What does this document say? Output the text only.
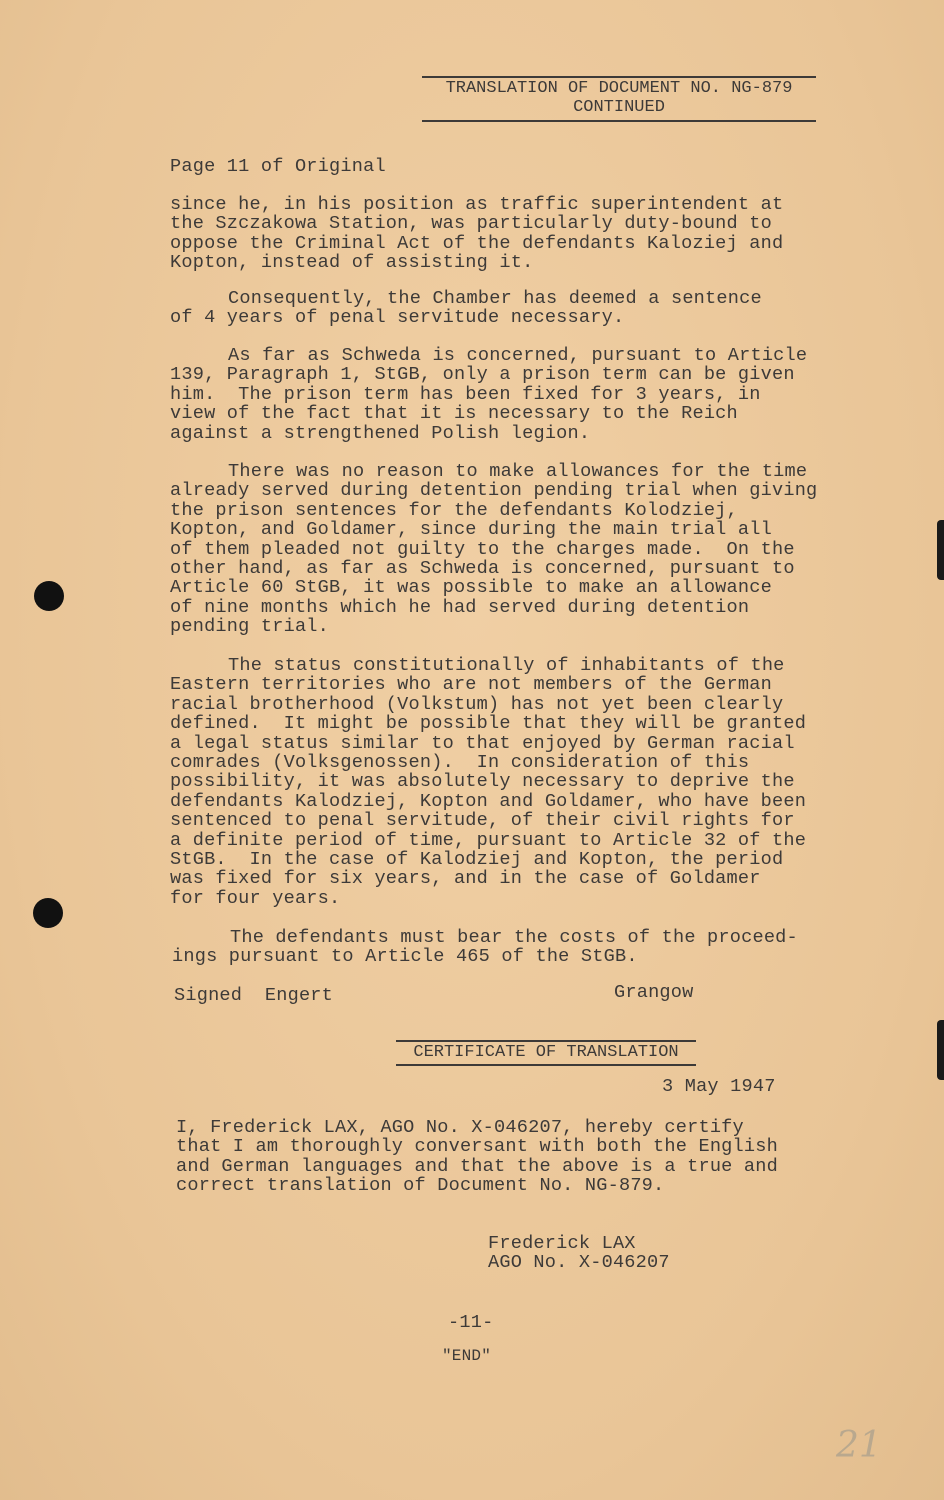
TRANSLATION OF DOCUMENT NO. NG-879
CONTINUED
Page 11 of Original
since he, in his position as traffic superintendent at
the Szczakowa Station, was particularly duty-bound to
oppose the Criminal Act of the defendants Kaloziej and
Kopton, instead of assisting it.
Consequently, the Chamber has deemed a sentence
of 4 years of penal servitude necessary.
As far as Schweda is concerned, pursuant to Article
139, Paragraph 1, StGB, only a prison term can be given
him.  The prison term has been fixed for 3 years, in
view of the fact that it is necessary to the Reich
against a strengthened Polish legion.
There was no reason to make allowances for the time
already served during detention pending trial when giving
the prison sentences for the defendants Kolodziej,
Kopton, and Goldamer, since during the main trial all
of them pleaded not guilty to the charges made.  On the
other hand, as far as Schweda is concerned, pursuant to
Article 60 StGB, it was possible to make an allowance
of nine months which he had served during detention
pending trial.
The status constitutionally of inhabitants of the
Eastern territories who are not members of the German
racial brotherhood (Volkstum) has not yet been clearly
defined.  It might be possible that they will be granted
a legal status similar to that enjoyed by German racial
comrades (Volksgenossen).  In consideration of this
possibility, it was absolutely necessary to deprive the
defendants Kalodziej, Kopton and Goldamer, who have been
sentenced to penal servitude, of their civil rights for
a definite period of time, pursuant to Article 32 of the
StGB.  In the case of Kalodziej and Kopton, the period
was fixed for six years, and in the case of Goldamer
for four years.
The defendants must bear the costs of the proceed-
ings pursuant to Article 465 of the StGB.
Signed  Engert	Grangow
CERTIFICATE OF TRANSLATION
3 May 1947
I, Frederick LAX, AGO No. X-046207, hereby certify
that I am thoroughly conversant with both the English
and German languages and that the above is a true and
correct translation of Document No. NG-879.
Frederick LAX
AGO No. X-046207
-11-
"END"
21
